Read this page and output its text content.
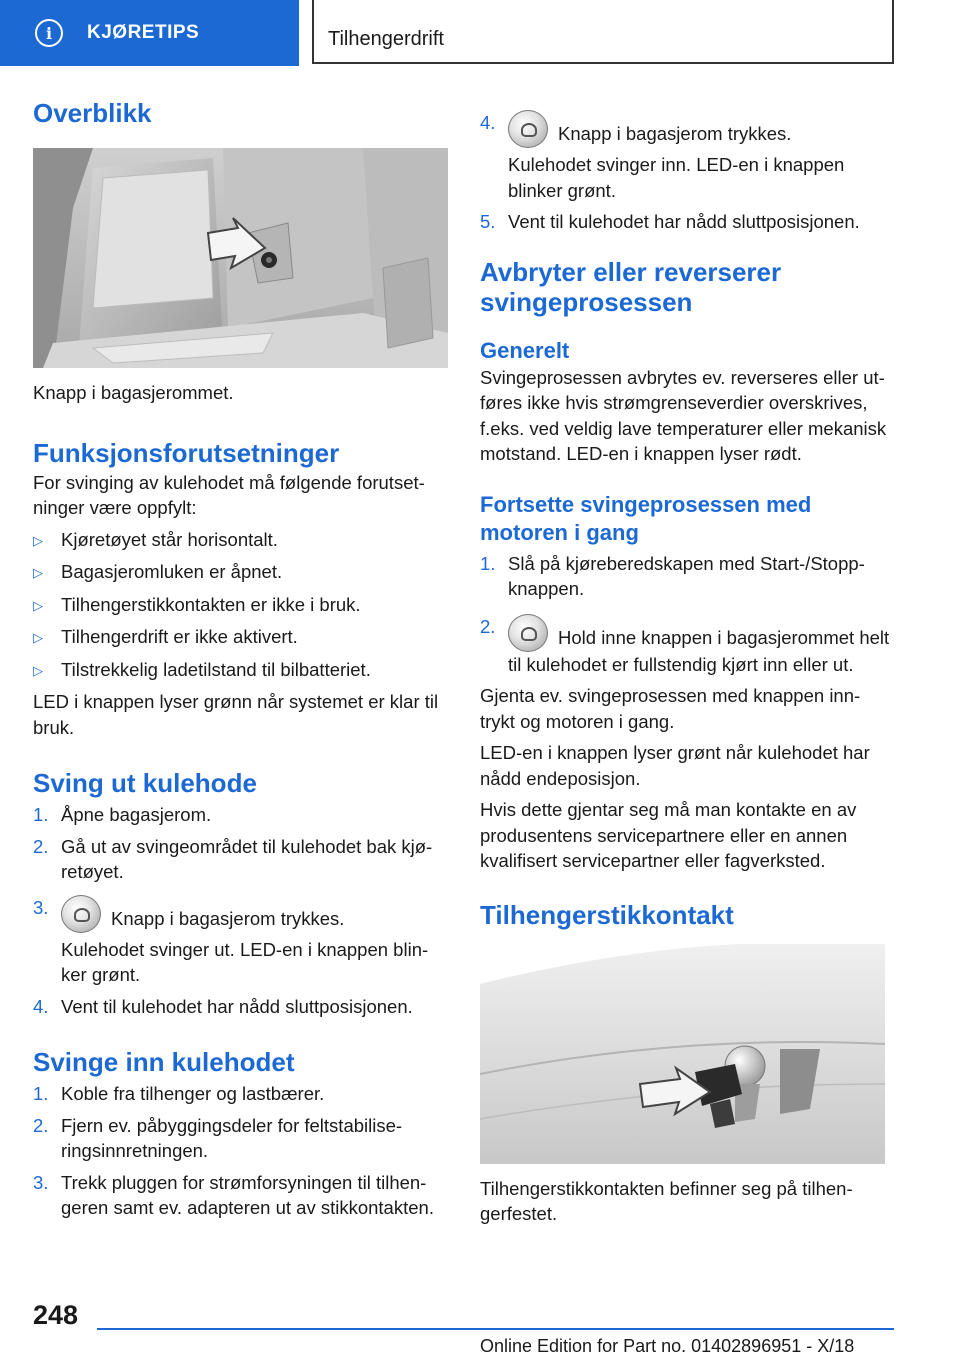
i	KJØRETIPS	Tilhengerdrift
Overblikk

Knapp i bagasjerommet.

Funksjonsforutsetninger

For svinging av kulehodet må følgende forutset-ninger være oppfylt:

▷ Kjøretøyet står horisontalt.
▷ Bagasjeromluken er åpnet.
▷ Tilhengerstikkontakten er ikke i bruk.
▷ Tilhengerdrift er ikke aktivert.
▷ Tilstrekkelig ladetilstand til bilbatteriet.

LED i knappen lyser grønn når systemet er klar til bruk.

Sving ut kulehode
1. Åpne bagasjerom.
2. Gå ut av svingeområdet til kulehodet bak kjø-retøyet.
3.
Knapp i bagasjerom trykkes.
Kulehodet svinger ut. LED-en i knappen blin-ker grønt.
4. Vent til kulehodet har nådd sluttposisjonen.
Svinge inn kulehodet
1. Koble fra tilhenger og lastbærer.
2. Fjern ev. påbyggingsdeler for feltstabilise-ringsinnretningen.
3. Trekk pluggen for strømforsyningen til tilhen-geren samt ev. adapteren ut av stikkontakten.
4.
Knapp i bagasjerom trykkes.
Kulehodet svinger inn. LED-en i knappen blinker grønt.
5. Vent til kulehodet har nådd sluttposisjonen.
Avbryter eller reverserer svingeprosessen
Generelt

Svingeprosessen avbrytes ev. reverseres eller ut-føres ikke hvis strømgrenseverdier overskrives, f.eks. ved veldig lave temperaturer eller mekanisk motstand. LED-en i knappen lyser rødt.

Fortsette svingeprosessen med motoren i gang
1. Slå på kjøreberedskapen med Start-/Stopp-knappen.
2.
Hold inne knappen i bagasjerommet helt til kulehodet er fullstendig kjørt inn eller ut.

Gjenta ev. svingeprosessen med knappen inn-trykt og motoren i gang.

LED-en i knappen lyser grønt når kulehodet har nådd endeposisjon.

Hvis dette gjentar seg må man kontakte en av produsentens servicepartnere eller en annen kvalifisert servicepartner eller fagverksted.

Tilhengerstikkontakt

Tilhengerstikkontakten befinner seg på tilhen-gerfestet.

248
Online Edition for Part no. 01402896951 - X/18
